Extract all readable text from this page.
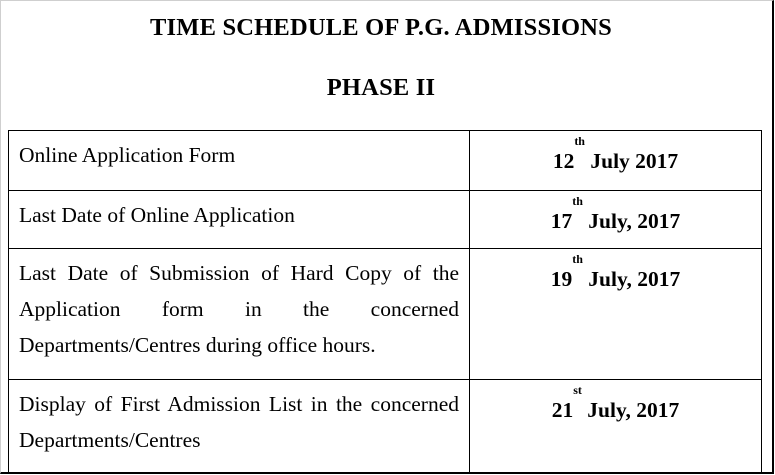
TIME SCHEDULE OF P.G. ADMISSIONS
PHASE II
Online Application Form	12th July 2017

Last Date of Online Application	17th July, 2017

Last Date of Submission of Hard Copy of the Application form in the concerned Departments/Centres during office hours.	19th July, 2017

Display of First Admission List in the concerned Departments/Centres	21st July, 2017
